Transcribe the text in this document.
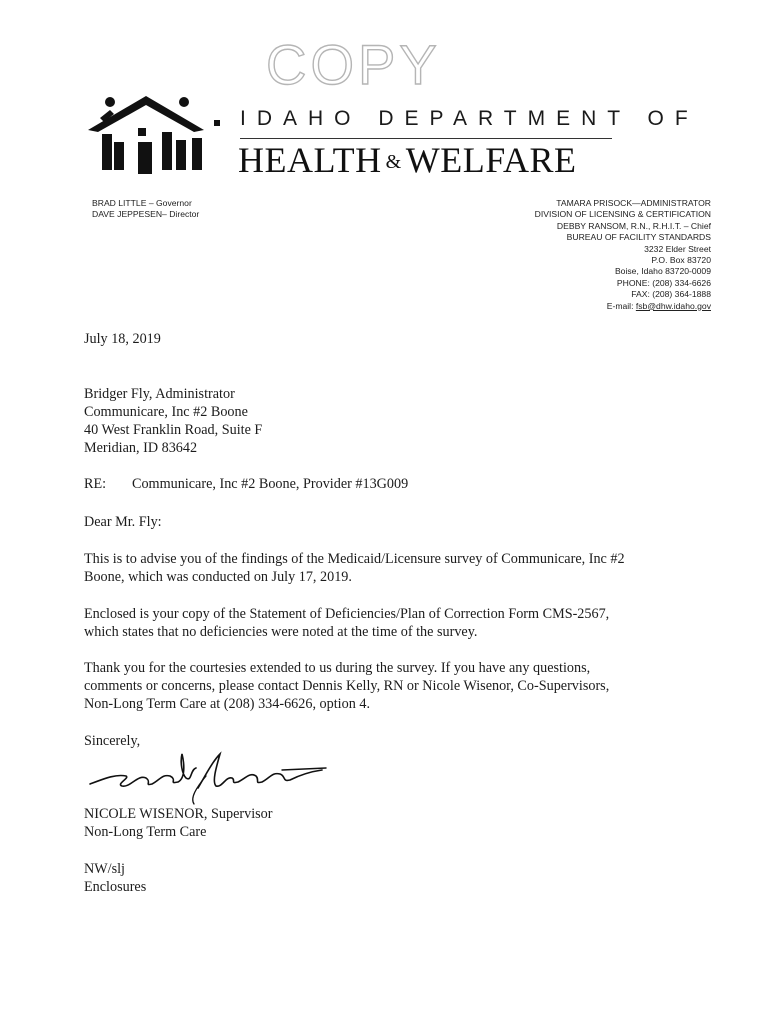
COPY
IDAHO DEPARTMENT OF
HEALTH & WELFARE
BRAD LITTLE – Governor
DAVE JEPPESEN– Director
TAMARA PRISOCK—ADMINISTRATOR
DIVISION OF LICENSING & CERTIFICATION
DEBBY RANSOM, R.N., R.H.I.T. – Chief
BUREAU OF FACILITY STANDARDS
3232 Elder Street
P.O. Box 83720
Boise, Idaho 83720-0009
PHONE: (208) 334-6626
FAX: (208) 364-1888
E-mail: fsb@dhw.idaho.gov
July 18, 2019
Bridger Fly, Administrator
Communicare, Inc #2 Boone
40 West Franklin Road, Suite F
Meridian, ID 83642
RE: Communicare, Inc #2 Boone, Provider #13G009
Dear Mr. Fly:
This is to advise you of the findings of the Medicaid/Licensure survey of Communicare, Inc #2
Boone, which was conducted on July 17, 2019.
Enclosed is your copy of the Statement of Deficiencies/Plan of Correction Form CMS-2567,
which states that no deficiencies were noted at the time of the survey.
Thank you for the courtesies extended to us during the survey. If you have any questions,
comments or concerns, please contact Dennis Kelly, RN or Nicole Wisenor, Co-Supervisors,
Non-Long Term Care at (208) 334-6626, option 4.
Sincerely,
NICOLE WISENOR, Supervisor
Non-Long Term Care
NW/slj
Enclosures
